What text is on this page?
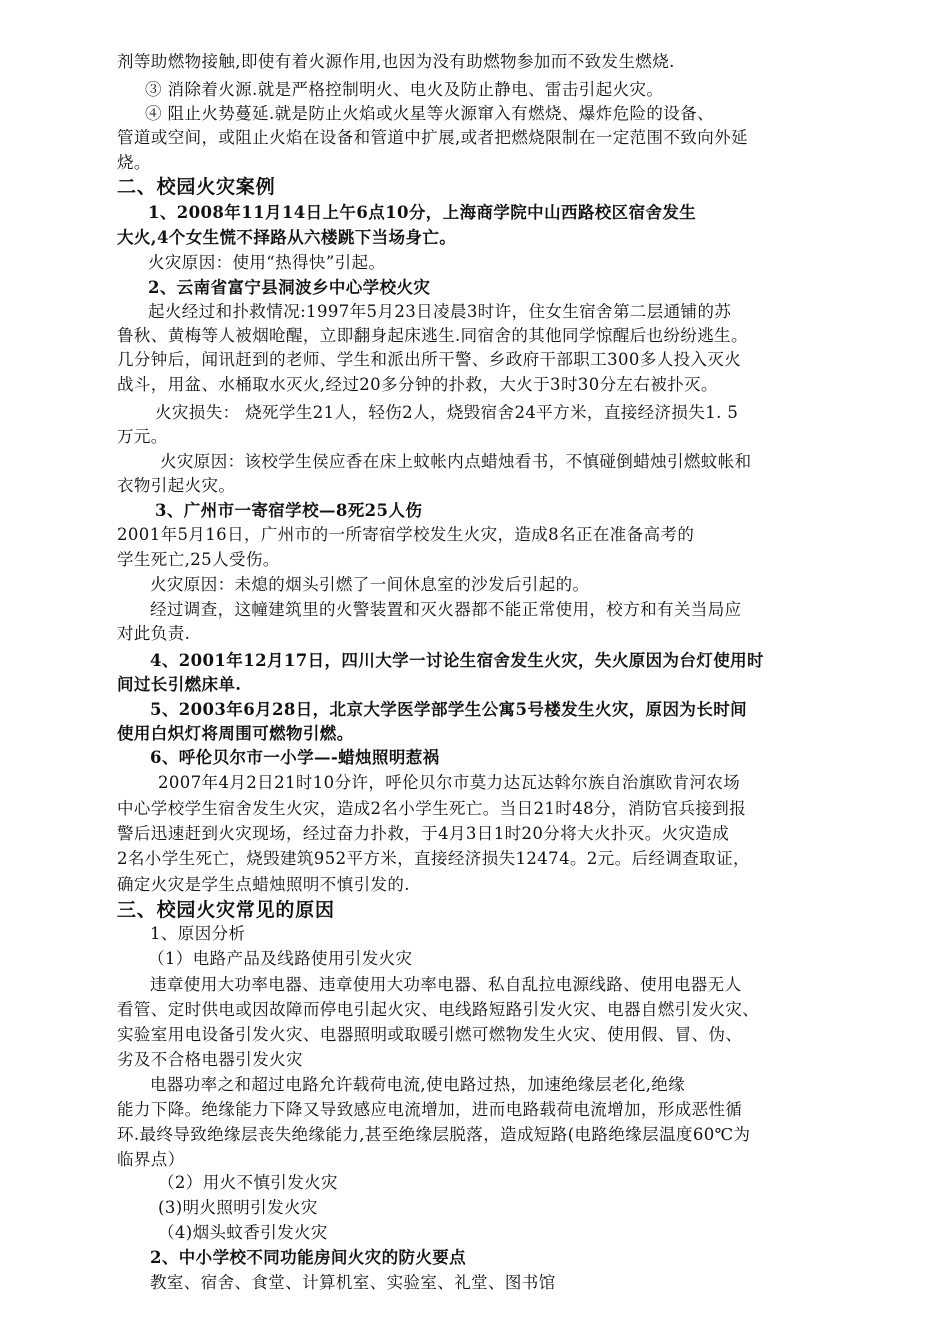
剂等助燃物接触,即使有着火源作用,也因为没有助燃物参加而不致发生燃烧.
③ 消除着火源.就是严格控制明火、电火及防止静电、雷击引起火灾。
④ 阻止火势蔓延.就是防止火焰或火星等火源窜入有燃烧、爆炸危险的设备、
管道或空间，或阻止火焰在设备和管道中扩展,或者把燃烧限制在一定范围不致向外延
烧。
二、校园火灾案例
1、2008年11月14日上午6点10分，上海商学院中山西路校区宿舍发生
大火,4个女生慌不择路从六楼跳下当场身亡。
火灾原因：使用“热得快”引起。
2、云南省富宁县洞波乡中心学校火灾
起火经过和扑救情况:1997年5月23日凌晨3时许，住女生宿舍第二层通铺的苏
鲁秋、黄梅等人被烟呛醒，立即翻身起床逃生.同宿舍的其他同学惊醒后也纷纷逃生。
几分钟后，闻讯赶到的老师、学生和派出所干警、乡政府干部职工300多人投入灭火
战斗，用盆、水桶取水灭火,经过20多分钟的扑救，大火于3时30分左右被扑灭。
火灾损失： 烧死学生21人，轻伤2人，烧毁宿舍24平方米，直接经济损失1. 5
万元。
火灾原因：该校学生侯应香在床上蚊帐内点蜡烛看书，不慎碰倒蜡烛引燃蚊帐和
衣物引起火灾。
3、广州市一寄宿学校—8死25人伤
2001年5月16日，广州市的一所寄宿学校发生火灾，造成8名正在准备高考的
学生死亡,25人受伤。
火灾原因：未熄的烟头引燃了一间休息室的沙发后引起的。
经过调查，这幢建筑里的火警装置和灭火器都不能正常使用，校方和有关当局应
对此负责.
4、2001年12月17日，四川大学一讨论生宿舍发生火灾，失火原因为台灯使用时
间过长引燃床单.
5、2003年6月28日，北京大学医学部学生公寓5号楼发生火灾，原因为长时间
使用白炽灯将周围可燃物引燃。
6、呼伦贝尔市一小学—-蜡烛照明惹祸
2007年4月2日21时10分许，呼伦贝尔市莫力达瓦达斡尔族自治旗欧肯河农场
中心学校学生宿舍发生火灾，造成2名小学生死亡。当日21时48分，消防官兵接到报
警后迅速赶到火灾现场，经过奋力扑救，于4月3日1时20分将大火扑灭。火灾造成
2名小学生死亡，烧毁建筑952平方米，直接经济损失12474。2元。后经调查取证，
确定火灾是学生点蜡烛照明不慎引发的.
三、校园火灾常见的原因
1、原因分析
（1）电路产品及线路使用引发火灾
违章使用大功率电器、违章使用大功率电器、私自乱拉电源线路、使用电器无人
看管、定时供电或因故障而停电引起火灾、电线路短路引发火灾、电器自燃引发火灾、
实验室用电设备引发火灾、电器照明或取暖引燃可燃物发生火灾、使用假、冒、伪、
劣及不合格电器引发火灾
电器功率之和超过电路允许载荷电流,使电路过热，加速绝缘层老化,绝缘
能力下降。绝缘能力下降又导致感应电流增加，进而电路载荷电流增加，形成恶性循
环.最终导致绝缘层丧失绝缘能力,甚至绝缘层脱落，造成短路(电路绝缘层温度60℃为
临界点）
（2）用火不慎引发火灾
(3)明火照明引发火灾
（4)烟头蚊香引发火灾
2、中小学校不同功能房间火灾的防火要点
教室、宿舍、食堂、计算机室、实验室、礼堂、图书馆
